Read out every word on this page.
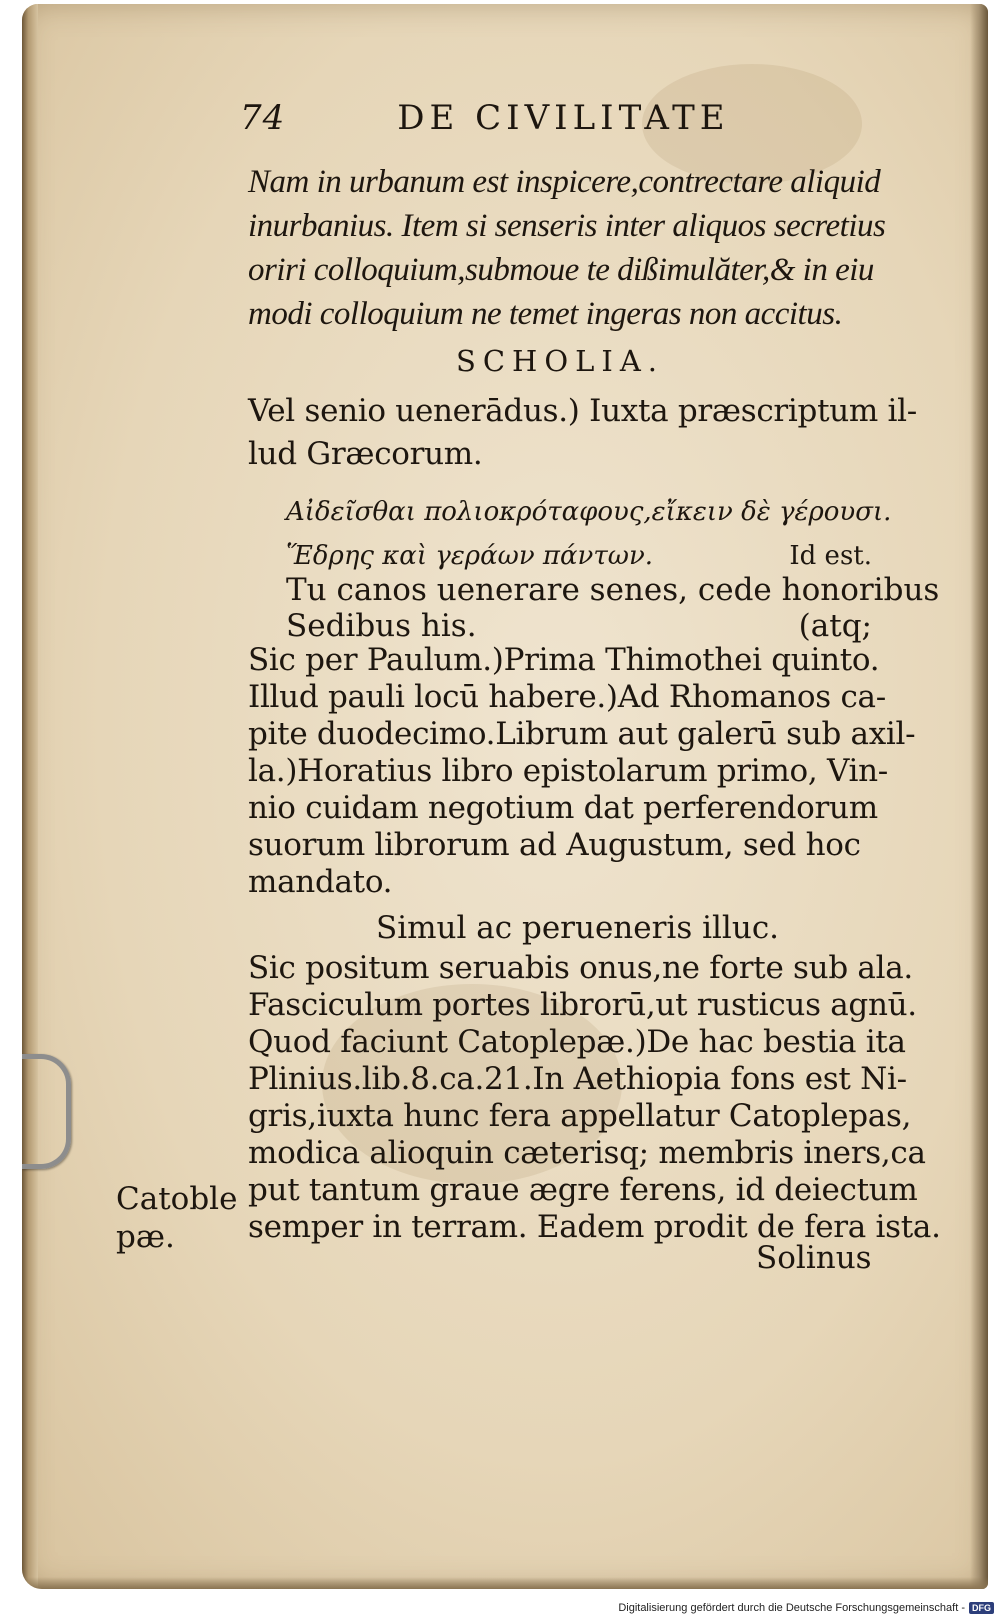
74	DE CIVILITATE
Nam in urbanum est inspicere,contrectare aliquid
inurbanius. Item si senseris inter aliquos secretius
oriri colloquium,submoue te dißimulăter,& in eiu
modi colloquium ne temet ingeras non accitus.
SCHOLIA.
Vel senio uenerādus.) Iuxta præscriptum il-
lud Græcorum.
Αἰδεῖσθαι πολιοκρόταφους,εἴκειν δὲ γέρουσι.
Ἕδρης καὶ γεράων πάντων.	Id est.
Tu canos uenerare senes, cede honoribus
Sedibus his.	(atq;
Sic per Paulum.)Prima Thimothei quinto.
Illud pauli locū habere.)Ad Rhomanos ca-
pite duodecimo.Librum aut galerū sub axil-
la.)Horatius libro epistolarum primo, Vin-
nio cuidam negotium dat perferendorum
suorum librorum ad Augustum, sed hoc
mandato.
Simul ac perueneris illuc.
Sic positum seruabis onus,ne forte sub ala.
Fasciculum portes librorū,ut rusticus agnū.
Quod faciunt Catoplepæ.)De hac bestia ita
Plinius.lib.8.ca.21.In Aethiopia fons est Ni-
gris,iuxta hunc fera appellatur Catoplepas,
modica alioquin cæterisq; membris iners,ca
put tantum graue ægre ferens, id deiectum
semper in terram. Eadem prodit de fera ista.
Catoble
pæ.
Solinus
Digitalisierung gefördert durch die Deutsche Forschungsgemeinschaft - DFG
